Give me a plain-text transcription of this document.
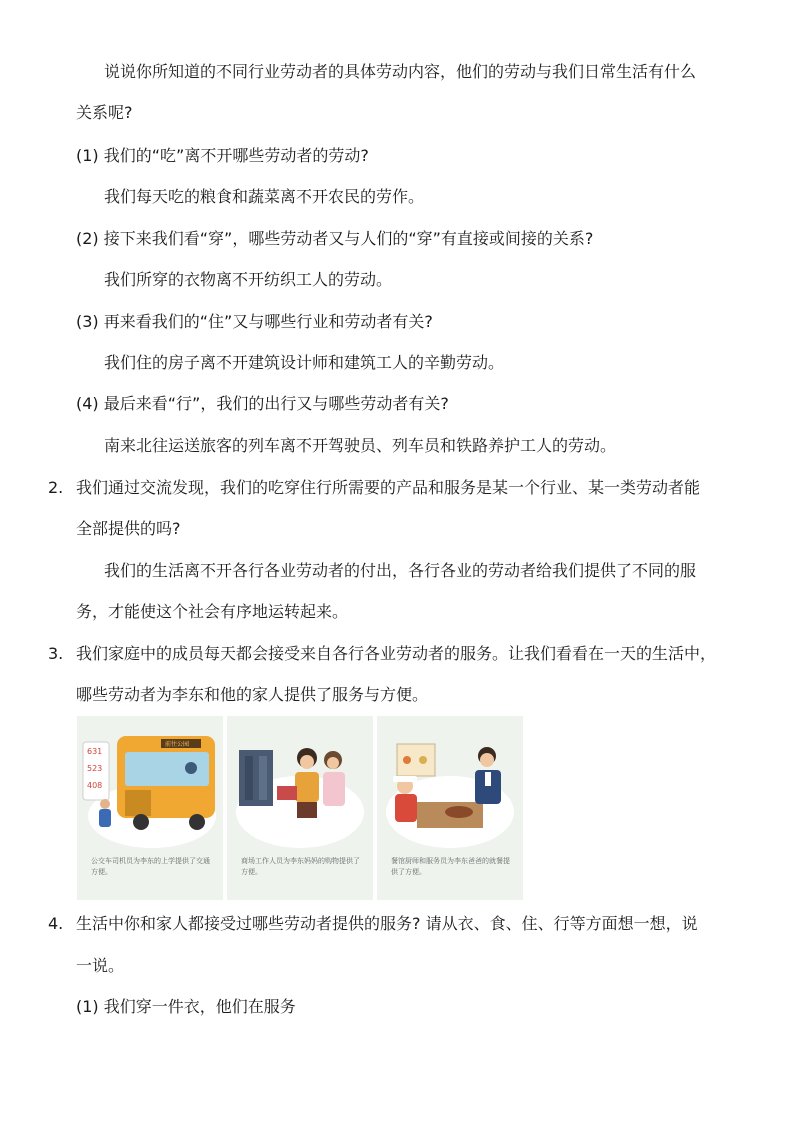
说说你所知道的不同行业劳动者的具体劳动内容，他们的劳动与我们日常生活有什么
关系呢?
(1) 我们的“吃”离不开哪些劳动者的劳动?
我们每天吃的粮食和蔬菜离不开农民的劳作。
(2) 接下来我们看“穿”，哪些劳动者又与人们的“穿”有直接或间接的关系?
我们所穿的衣物离不开纺织工人的劳动。
(3) 再来看我们的“住”又与哪些行业和劳动者有关?
我们住的房子离不开建筑设计师和建筑工人的辛勤劳动。
(4) 最后来看“行”，我们的出行又与哪些劳动者有关?
南来北往运送旅客的列车离不开驾驶员、列车员和铁路养护工人的劳动。
2. 我们通过交流发现，我们的吃穿住行所需要的产品和服务是某一个行业、某一类劳动者能
全部提供的吗?
我们的生活离不开各行各业劳动者的付出，各行各业的劳动者给我们提供了不同的服
务，才能使这个社会有序地运转起来。
3. 我们家庭中的成员每天都会接受来自各行各业劳动者的服务。让我们看看在一天的生活中，
哪些劳动者为李东和他的家人提供了服务与方便。
631
523
408
前往公园
公交车司机员为李东的上学提供了交通方便。
商场工作人员为李东妈妈的购物提供了方便。
餐馆厨师和服务员为李东爸爸的就餐提供了方便。
4. 生活中你和家人都接受过哪些劳动者提供的服务? 请从衣、食、住、行等方面想一想，说
一说。
(1) 我们穿一件衣，他们在服务
